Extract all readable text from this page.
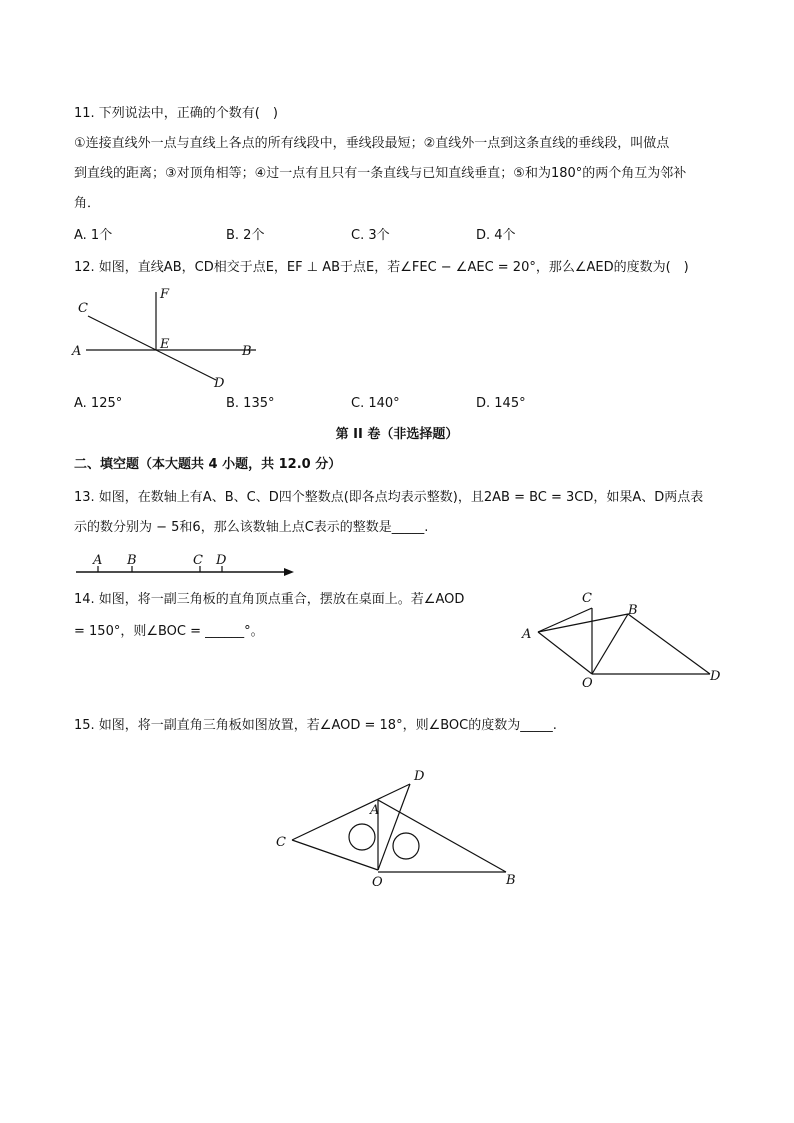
11. 下列说法中，正确的个数有(　)
①连接直线外一点与直线上各点的所有线段中，垂线段最短；②直线外一点到这条直线的垂线段，叫做点
到直线的距离；③对顶角相等；④过一点有且只有一条直线与已知直线垂直；⑤和为180°的两个角互为邻补
角．
A. 1个	B. 2个	C. 3个	D. 4个
12. 如图，直线AB，CD相交于点E，EF ⊥ AB于点E，若∠FEC − ∠AEC = 20°，那么∠AED的度数为(　)
C
F
A	E	B
D
A. 125°	B. 135°	C. 140°	D. 145°
第 II 卷（非选择题）
二、填空题（本大题共 4 小题，共 12.0 分）
13. 如图，在数轴上有A、B、C、D四个整数点(即各点均表示整数)，且2AB = BC = 3CD，如果A、D两点表
示的数分别为 − 5和6，那么该数轴上点C表示的整数是_____.
A B	C D
14. 如图，将一副三角板的直角顶点重合，摆放在桌面上。若∠AOD
= 150°，则∠BOC = ______°。
C
B
A
O	D
15. 如图，将一副直角三角板如图放置，若∠AOD = 18°，则∠BOC的度数为_____.
D
A
C
O	B
